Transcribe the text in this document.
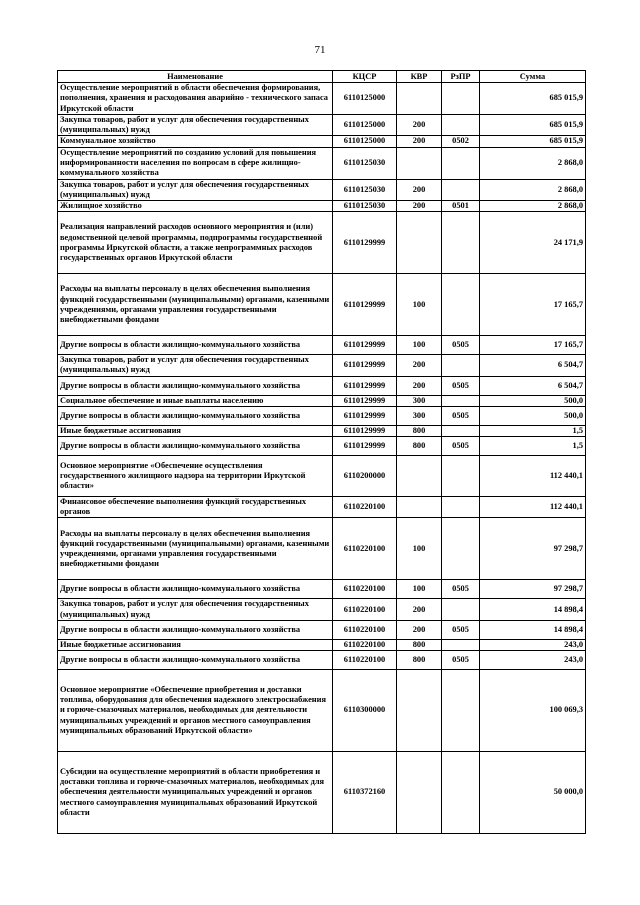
71
Наименование	КЦСР	КВР	РзПР	Сумма
Осуществление мероприятий в области обеспечения формирования, пополнения, хранения и расходования аварийно - технического запаса Иркутской области	6110125000			685 015,9
Закупка товаров, работ и услуг для обеспечения государственных (муниципальных) нужд	6110125000	200		685 015,9
Коммунальное хозяйство	6110125000	200	0502	685 015,9
Осуществление мероприятий по созданию условий для повышения информированности населения по вопросам в сфере жилищно-коммунального хозяйства	6110125030			2 868,0
Закупка товаров, работ и услуг для обеспечения государственных (муниципальных) нужд	6110125030	200		2 868,0
Жилищное хозяйство	6110125030	200	0501	2 868,0
Реализация направлений расходов основного мероприятия и (или) ведомственной целевой программы, подпрограммы государственной программы Иркутской области, а также непрограммных расходов государственных органов Иркутской области	6110129999			24 171,9
Расходы на выплаты персоналу в целях обеспечения выполнения функций государственными (муниципальными) органами, казенными учреждениями, органами управления государственными внебюджетными фондами	6110129999	100		17 165,7
Другие вопросы в области жилищно-коммунального хозяйства	6110129999	100	0505	17 165,7
Закупка товаров, работ и услуг для обеспечения государственных (муниципальных) нужд	6110129999	200		6 504,7
Другие вопросы в области жилищно-коммунального хозяйства	6110129999	200	0505	6 504,7
Социальное обеспечение и иные выплаты населению	6110129999	300		500,0
Другие вопросы в области жилищно-коммунального хозяйства	6110129999	300	0505	500,0
Иные бюджетные ассигнования	6110129999	800		1,5
Другие вопросы в области жилищно-коммунального хозяйства	6110129999	800	0505	1,5
Основное мероприятие «Обеспечение осуществления государственного жилищного надзора на территории Иркутской области»	6110200000			112 440,1
Финансовое обеспечение выполнения функций государственных органов	6110220100			112 440,1
Расходы на выплаты персоналу в целях обеспечения выполнения функций государственными (муниципальными) органами, казенными учреждениями, органами управления государственными внебюджетными фондами	6110220100	100		97 298,7
Другие вопросы в области жилищно-коммунального хозяйства	6110220100	100	0505	97 298,7
Закупка товаров, работ и услуг для обеспечения государственных (муниципальных) нужд	6110220100	200		14 898,4
Другие вопросы в области жилищно-коммунального хозяйства	6110220100	200	0505	14 898,4
Иные бюджетные ассигнования	6110220100	800		243,0
Другие вопросы в области жилищно-коммунального хозяйства	6110220100	800	0505	243,0
Основное мероприятие «Обеспечение приобретения и доставки топлива, оборудования для обеспечения надежного электроснабжения и горюче-смазочных материалов, необходимых для деятельности муниципальных учреждений и органов местного самоуправления муниципальных образований Иркутской области»	6110300000			100 069,3
Субсидии на осуществление мероприятий в области приобретения и доставки топлива и горюче-смазочных материалов, необходимых для обеспечения деятельности муниципальных учреждений и органов местного самоуправления муниципальных образований Иркутской области	6110372160			50 000,0
